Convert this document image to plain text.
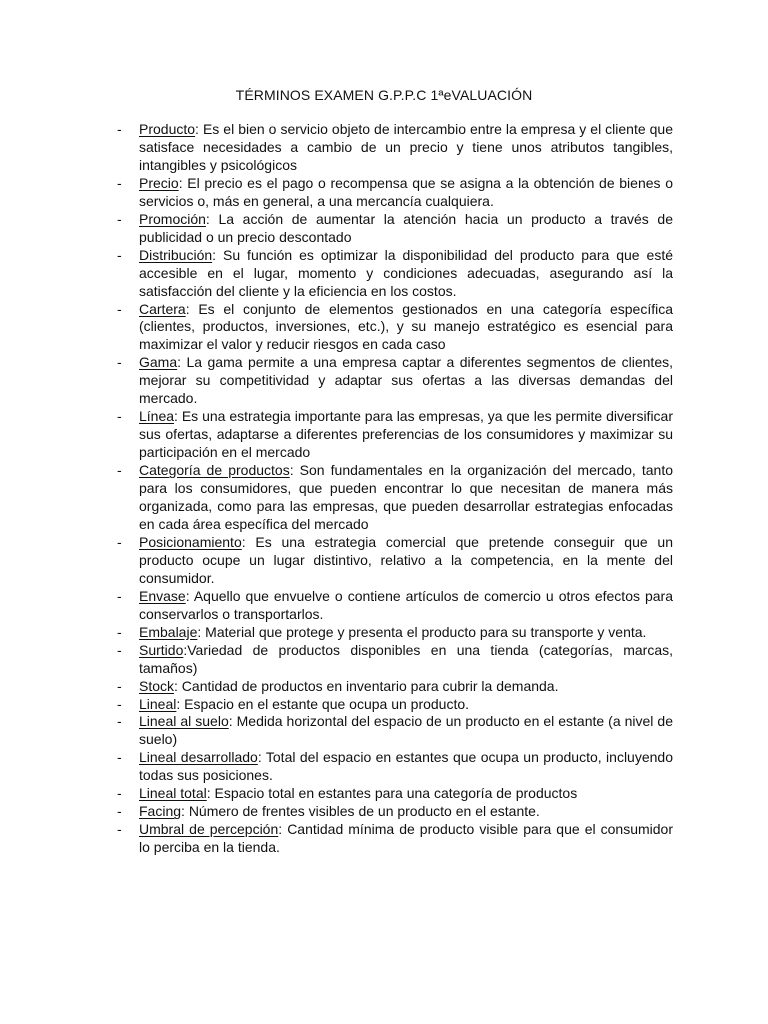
TÉRMINOS EXAMEN G.P.P.C 1ªeVALUACIÓN
- Producto: Es el bien o servicio objeto de intercambio entre la empresa y el cliente que satisface necesidades a cambio de un precio y tiene unos atributos tangibles, intangibles y psicológicos
- Precio: El precio es el pago o recompensa que se asigna a la obtención de bienes o servicios o, más en general, a una mercancía cualquiera.
- Promoción: La acción de aumentar la atención hacia un producto a través de publicidad o un precio descontado
- Distribución: Su función es optimizar la disponibilidad del producto para que esté accesible en el lugar, momento y condiciones adecuadas, asegurando así la satisfacción del cliente y la eficiencia en los costos.
- Cartera: Es el conjunto de elementos gestionados en una categoría específica (clientes, productos, inversiones, etc.), y su manejo estratégico es esencial para maximizar el valor y reducir riesgos en cada caso
- Gama: La gama permite a una empresa captar a diferentes segmentos de clientes, mejorar su competitividad y adaptar sus ofertas a las diversas demandas del mercado.
- Línea: Es una estrategia importante para las empresas, ya que les permite diversificar sus ofertas, adaptarse a diferentes preferencias de los consumidores y maximizar su participación en el mercado
- Categoría de productos: Son fundamentales en la organización del mercado, tanto para los consumidores, que pueden encontrar lo que necesitan de manera más organizada, como para las empresas, que pueden desarrollar estrategias enfocadas en cada área específica del mercado
- Posicionamiento: Es una estrategia comercial que pretende conseguir que un producto ocupe un lugar distintivo, relativo a la competencia, en la mente del consumidor.
- Envase: Aquello que envuelve o contiene artículos de comercio u otros efectos para conservarlos o transportarlos.
- Embalaje: Material que protege y presenta el producto para su transporte y venta.
- Surtido:Variedad de productos disponibles en una tienda (categorías, marcas, tamaños)
- Stock: Cantidad de productos en inventario para cubrir la demanda.
- Lineal: Espacio en el estante que ocupa un producto.
- Lineal al suelo: Medida horizontal del espacio de un producto en el estante (a nivel de suelo)
- Lineal desarrollado: Total del espacio en estantes que ocupa un producto, incluyendo todas sus posiciones.
- Lineal total: Espacio total en estantes para una categoría de productos
- Facing: Número de frentes visibles de un producto en el estante.
- Umbral de percepción: Cantidad mínima de producto visible para que el consumidor lo perciba en la tienda.
